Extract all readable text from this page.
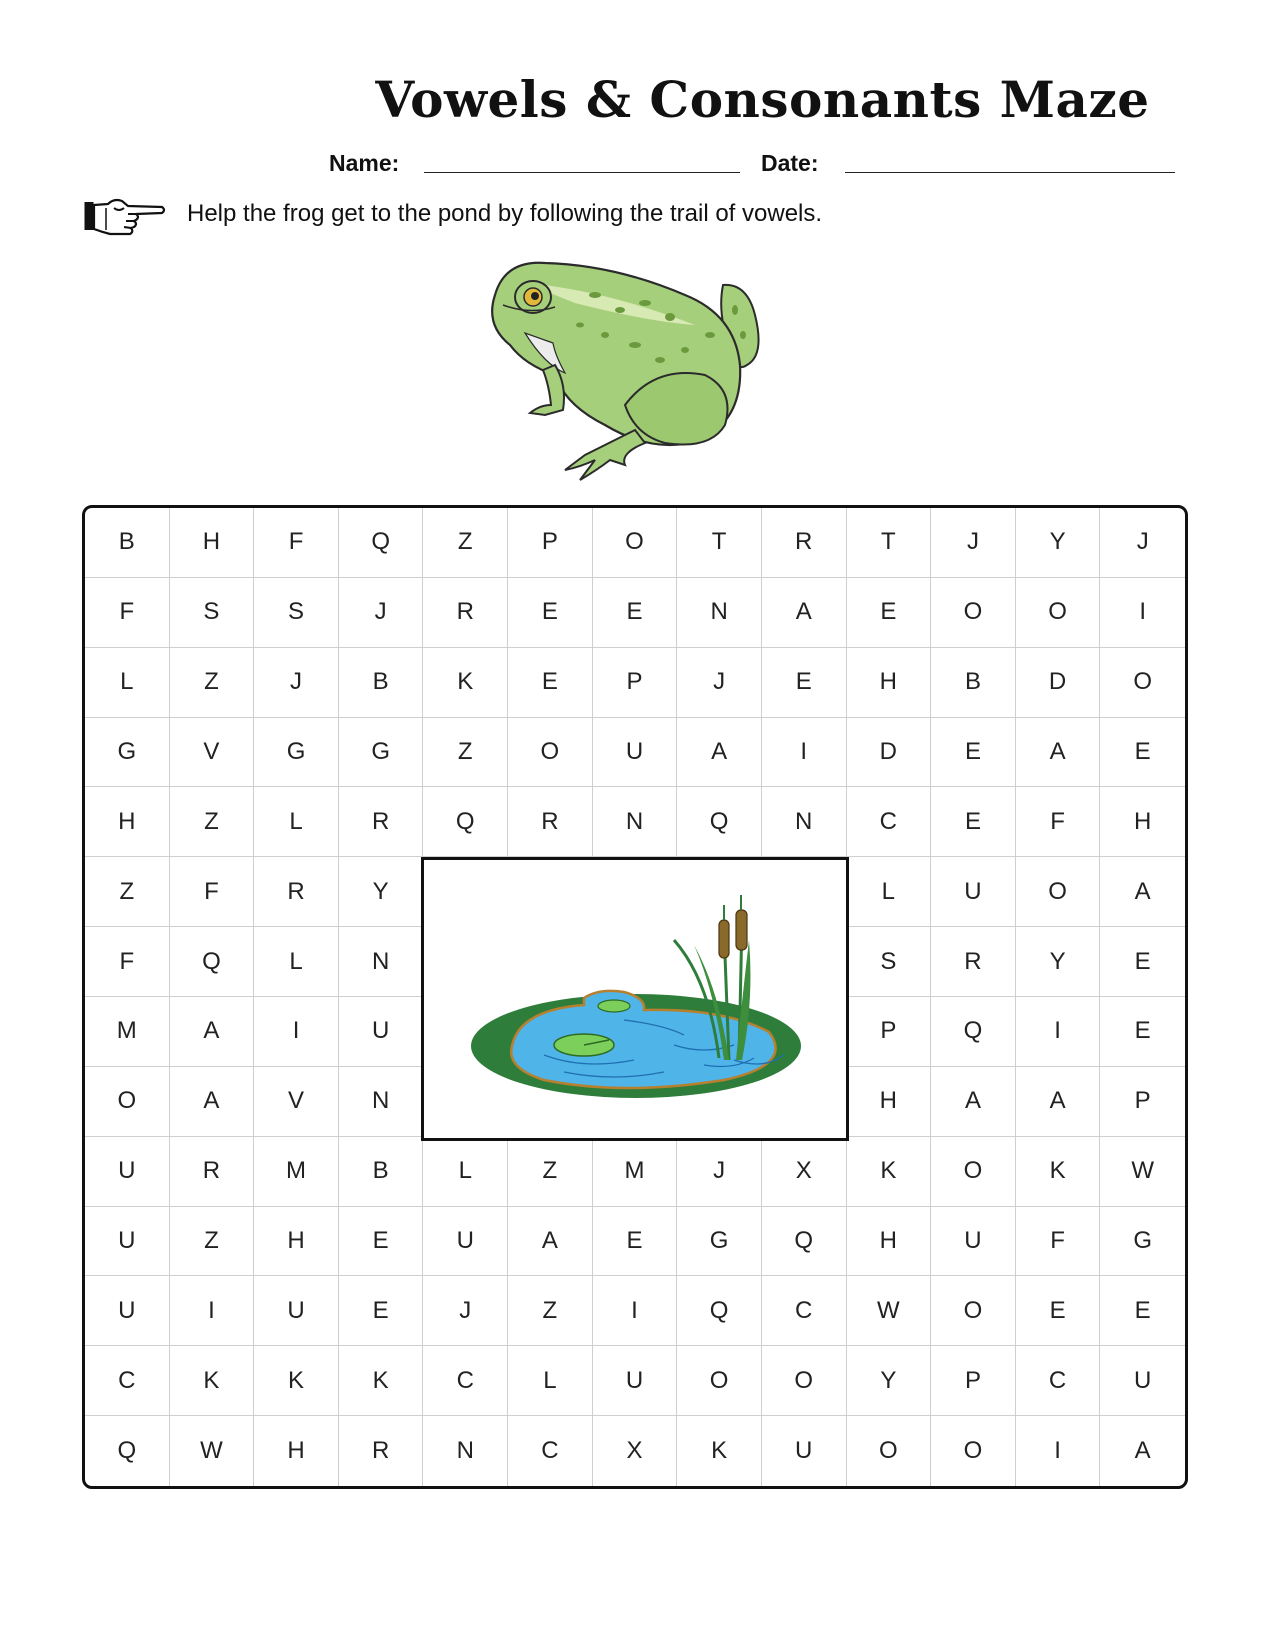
Vowels & Consonants Maze
Name:	Date:
Help the frog get to the pond by following the trail of vowels.
B	H	F	Q	Z	P	O	T	R	T	J	Y	J
F	S	S	J	R	E	E	N	A	E	O	O	I
L	Z	J	B	K	E	P	J	E	H	B	D	O
G	V	G	G	Z	O	U	A	I	D	E	A	E
H	Z	L	R	Q	R	N	Q	N	C	E	F	H
Z	F	R	Y	L	U	O	A
F	Q	L	N	S	R	Y	E
M	A	I	U	P	Q	I	E
O	A	V	N	H	A	A	P
U	R	M	B	L	Z	M	J	X	K	O	K	W
U	Z	H	E	U	A	E	G	Q	H	U	F	G
U	I	U	E	J	Z	I	Q	C	W	O	E	E
C	K	K	K	C	L	U	O	O	Y	P	C	U
Q	W	H	R	N	C	X	K	U	O	O	I	A
